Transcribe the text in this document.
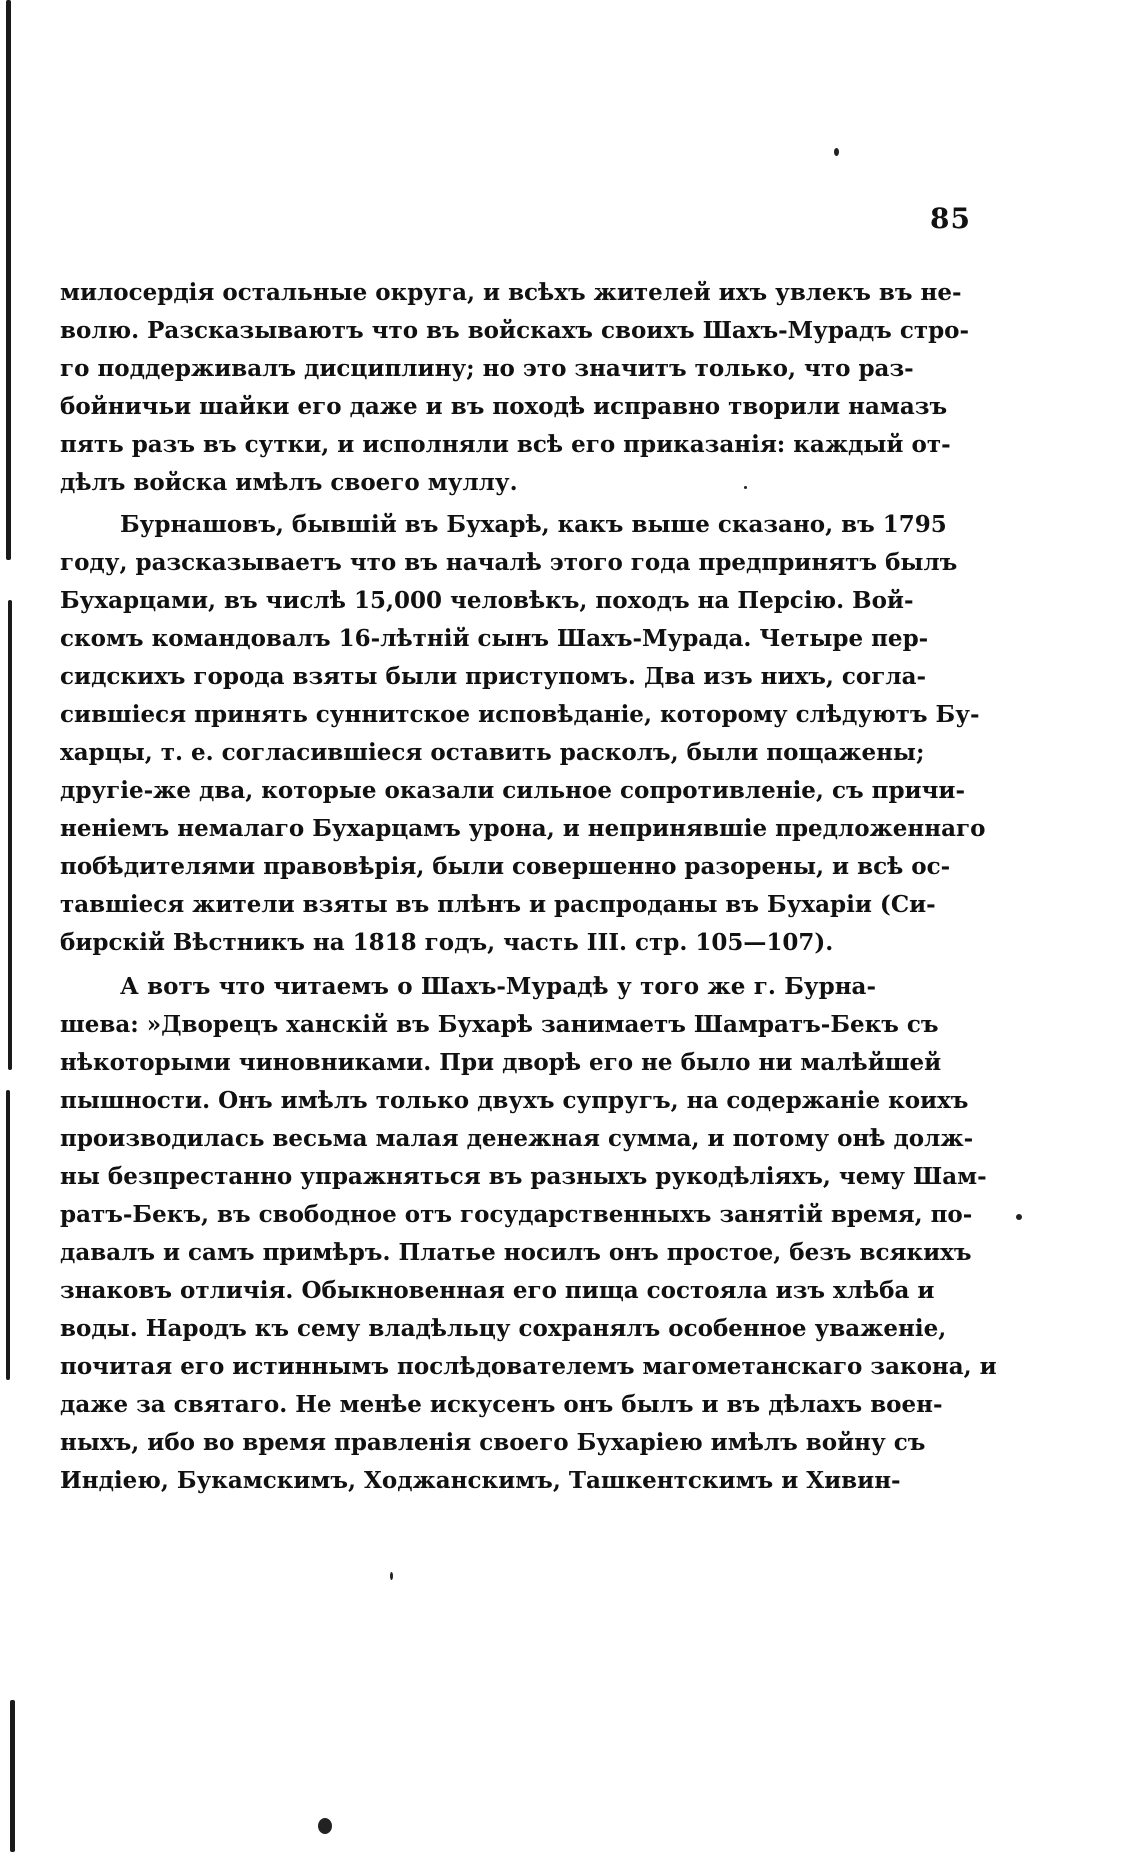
85
милосердія остальные округа, и всѣхъ жителей ихъ увлекъ въ не-
волю. Разсказываютъ что въ войскахъ своихъ Шахъ-Мурадъ стро-
го поддерживалъ дисциплину; но это значитъ только, что раз-
бойничьи шайки его даже и въ походѣ исправно творили намазъ
пять разъ въ сутки, и исполняли всѣ его приказанія: каждый от-
дѣлъ войска имѣлъ своего муллу.
Бурнашовъ, бывшій въ Бухарѣ, какъ выше сказано, въ 1795
году, разсказываетъ что въ началѣ этого года предпринятъ былъ
Бухарцами, въ числѣ 15,000 человѣкъ, походъ на Персію. Вой-
скомъ командовалъ 16-лѣтній сынъ Шахъ-Мурада. Четыре пер-
сидскихъ города взяты были приступомъ. Два изъ нихъ, согла-
сившіеся принять суннитское исповѣданіе, которому слѣдуютъ Бу-
харцы, т. е. согласившіеся оставить расколъ, были пощажены;
другіе-же два, которые оказали сильное сопротивленіе, съ причи-
неніемъ немалаго Бухарцамъ урона, и непринявшіе предложеннаго
побѣдителями правовѣрія, были совершенно разорены, и всѣ ос-
тавшіеся жители взяты въ плѣнъ и распроданы въ Бухаріи (Си-
бирскій Вѣстникъ на 1818 годъ, часть III. стр. 105—107).
А вотъ что читаемъ о Шахъ-Мурадѣ у того же г. Бурна-
шева: »Дворецъ ханскій въ Бухарѣ занимаетъ Шамратъ-Бекъ съ
нѣкоторыми чиновниками. При дворѣ его не было ни малѣйшей
пышности. Онъ имѣлъ только двухъ супругъ, на содержаніе коихъ
производилась весьма малая денежная сумма, и потому онѣ долж-
ны безпрестанно упражняться въ разныхъ рукодѣліяхъ, чему Шам-
ратъ-Бекъ, въ свободное отъ государственныхъ занятій время, по-
давалъ и самъ примѣръ. Платье носилъ онъ простое, безъ всякихъ
знаковъ отличія. Обыкновенная его пища состояла изъ хлѣба и
воды. Народъ къ сему владѣльцу сохранялъ особенное уваженіе,
почитая его истиннымъ послѣдователемъ магометанскаго закона, и
даже за святаго. Не менѣе искусенъ онъ былъ и въ дѣлахъ воен-
ныхъ, ибо во время правленія своего Бухаріею имѣлъ войну съ
Индіею, Букамскимъ, Ходжанскимъ, Ташкентскимъ и Хивин-
